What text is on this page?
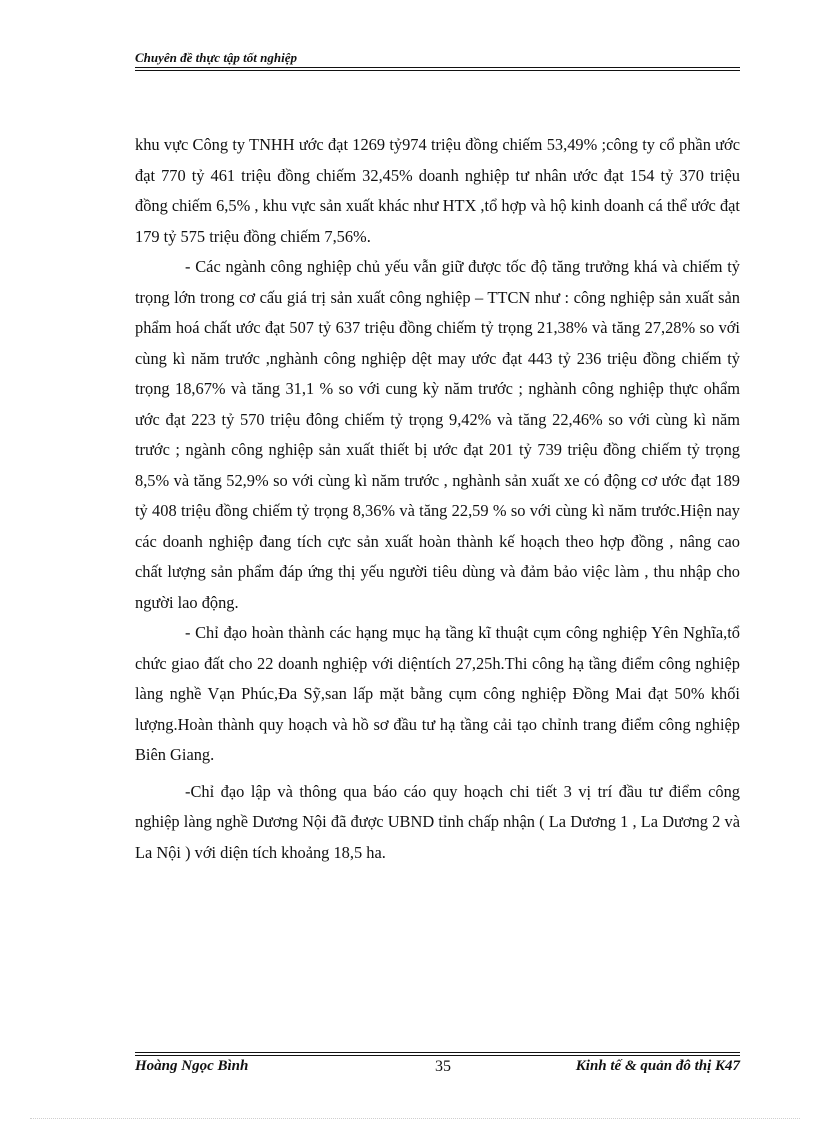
Chuyên đề thực tập tốt nghiệp

khu vực Công ty TNHH ước đạt 1269 tỷ974 triệu đồng chiếm 53,49% ;công ty cổ phần ước đạt 770 tỷ 461 triệu đồng chiếm 32,45% doanh nghiệp tư nhân ước đạt 154 tỷ 370 triệu đồng chiếm 6,5% , khu vực sản xuất khác như HTX ,tổ hợp và hộ kinh doanh cá thể ước đạt 179 tỷ 575 triệu đồng chiếm 7,56%.

- Các ngành công nghiệp chủ yếu vẫn giữ được tốc độ tăng trưởng khá và chiếm tỷ trọng lớn trong cơ cấu giá trị sản xuất công nghiệp – TTCN như : công nghiệp sản xuất sản phẩm hoá chất ước đạt 507 tỷ 637 triệu đồng chiếm tỷ trọng 21,38% và tăng 27,28% so với cùng kì năm trước ,nghành công nghiệp dệt may ước đạt 443 tỷ 236 triệu đồng chiếm tỷ trọng 18,67% và tăng 31,1 % so với cung kỳ năm trước ; nghành công nghiệp thực ohẩm ước đạt 223 tỷ 570 triệu đông chiếm tỷ trọng 9,42% và tăng 22,46% so với cùng kì năm trước ; ngành công nghiệp sản xuất thiết bị ước đạt 201 tỷ 739 triệu đồng chiếm tỷ trọng 8,5% và tăng 52,9% so với cùng kì năm trước , nghành sản xuất xe có động cơ ước đạt 189 tỷ 408 triệu đồng chiếm tỷ trọng 8,36% và tăng 22,59 % so với cùng kì năm trước.Hiện nay các doanh nghiệp đang tích cực sản xuất hoàn thành kế hoạch theo hợp đồng , nâng cao chất lượng sản phẩm đáp ứng thị yếu người tiêu dùng và đảm bảo việc làm , thu nhập cho người lao động.

- Chỉ đạo hoàn thành các hạng mục hạ tầng kĩ thuật cụm công nghiệp Yên Nghĩa,tổ chức giao đất cho 22 doanh nghiệp với diệntích 27,25h.Thi công hạ tầng điểm công nghiệp làng nghề Vạn Phúc,Đa Sỹ,san lấp mặt bằng cụm công nghiệp Đồng Mai đạt 50% khối lượng.Hoàn thành quy hoạch và hồ sơ đầu tư hạ tầng cải tạo chỉnh trang điểm công nghiệp Biên Giang.

-Chỉ đạo lập và thông qua báo cáo quy hoạch chi tiết 3 vị trí đầu tư điểm công nghiệp làng nghề Dương Nội đã được UBND tỉnh chấp nhận ( La Dương 1 , La Dương 2 và La Nội ) với diện tích khoảng 18,5 ha.

Hoàng Ngọc Bình	35	Kinh tế & quản đô thị K47
